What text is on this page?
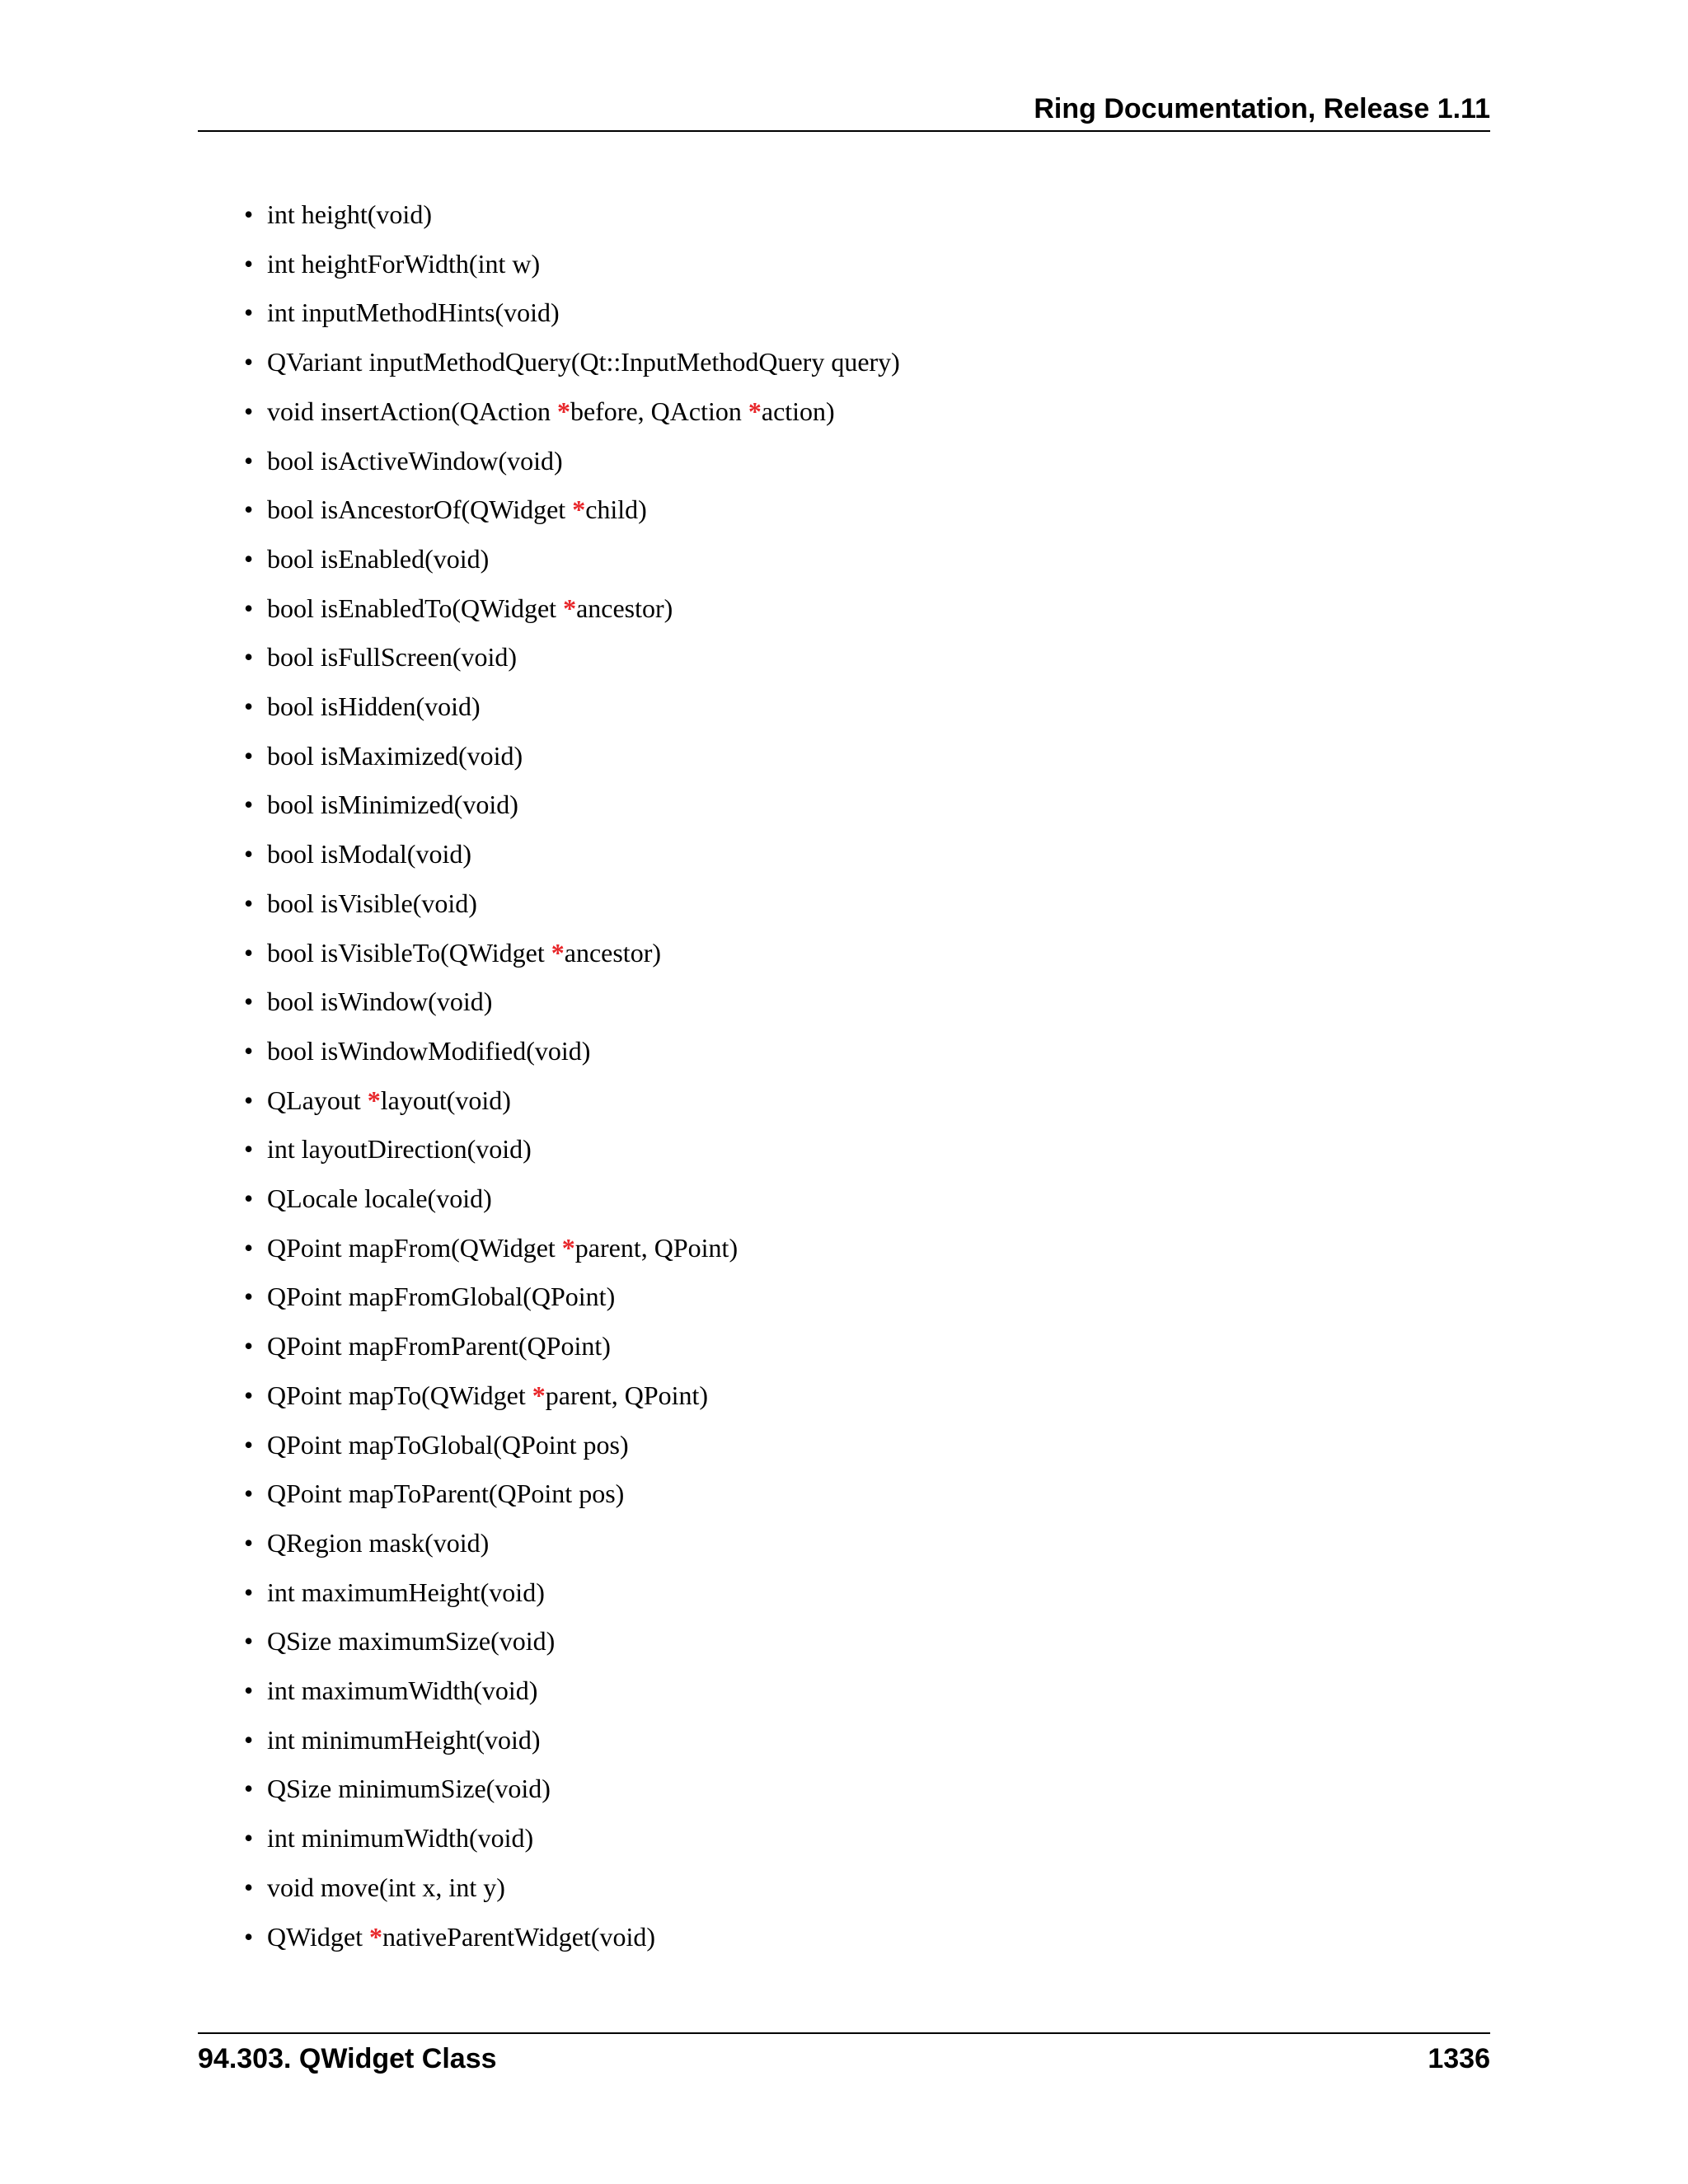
Ring Documentation, Release 1.11
• int height(void)
• int heightForWidth(int w)
• int inputMethodHints(void)
• QVariant inputMethodQuery(Qt::InputMethodQuery query)
• void insertAction(QAction *before, QAction *action)
• bool isActiveWindow(void)
• bool isAncestorOf(QWidget *child)
• bool isEnabled(void)
• bool isEnabledTo(QWidget *ancestor)
• bool isFullScreen(void)
• bool isHidden(void)
• bool isMaximized(void)
• bool isMinimized(void)
• bool isModal(void)
• bool isVisible(void)
• bool isVisibleTo(QWidget *ancestor)
• bool isWindow(void)
• bool isWindowModified(void)
• QLayout *layout(void)
• int layoutDirection(void)
• QLocale locale(void)
• QPoint mapFrom(QWidget *parent, QPoint)
• QPoint mapFromGlobal(QPoint)
• QPoint mapFromParent(QPoint)
• QPoint mapTo(QWidget *parent, QPoint)
• QPoint mapToGlobal(QPoint pos)
• QPoint mapToParent(QPoint pos)
• QRegion mask(void)
• int maximumHeight(void)
• QSize maximumSize(void)
• int maximumWidth(void)
• int minimumHeight(void)
• QSize minimumSize(void)
• int minimumWidth(void)
• void move(int x, int y)
• QWidget *nativeParentWidget(void)
94.303. QWidget Class	1336
